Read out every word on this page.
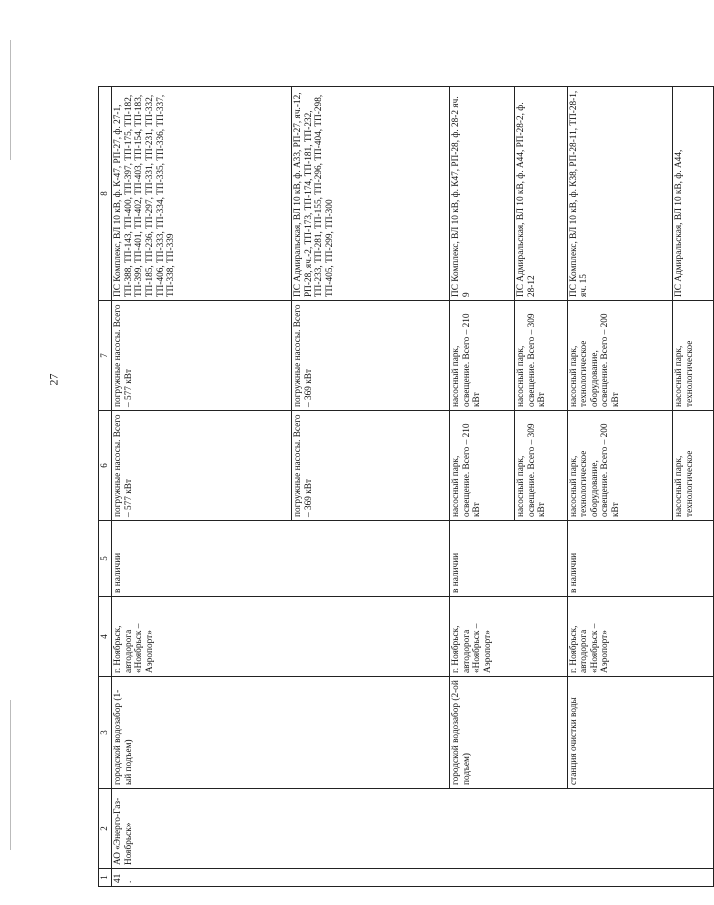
27
1	2	3	4	5	6	7	8
41.	АО «Энерго-Газ-Ноябрьск»	городской водозабор (1-ый подъем)	г. Ноябрьск, автодорога «Ноябрьск – Аэропорт»	в наличии	погружные насосы. Всего – 577 кВт	погружные насосы. Всего – 577 кВт	ПС Комплекс, ВЛ 10 кВ, ф. К-47, РП-27, ф. 27-1, ТП-388, ТП-143, ТП-400, ТП-397, ТП-175, ТП-182, ТП-399, ТП-401, ТП-402, ТП-403, ТП-154, ТП-183, ТП-185, ТП-236, ТП-297, ТП-331, ТП-231, ТП-332, ТП-406, ТП-333, ТП-334, ТП-335, ТП-336, ТП-337, ТП-338, ТП-339
					погружные насосы. Всего – 369 кВт	погружные насосы. Всего – 369 кВт	ПС Адмиральская, ВЛ 10 кВ, ф. А33, РП-27, яч.-12, РП-28, яч.-2, ТП-173, ТП-174, ТП-181, ТП-232, ТП-233, ТП-281, ТП-155, ТП-296, ТП-404, ТП-298, ТП-405, ТП-299, ТП-300
		городской водозабор (2-ой подъем)	г. Ноябрьск, автодорога «Ноябрьск – Аэропорт»	в наличии	насосный парк, освещение. Всего – 210 кВт	насосный парк, освещение. Всего – 210 кВт	ПС Комплекс, ВЛ 10 кВ, ф. К47, РП-28, ф. 28-2 яч. 9
					насосный парк, освещение. Всего – 309 кВт	насосный парк, освещение. Всего – 309 кВт	ПС Адмиральская, ВЛ 10 кВ, ф. А44, РП-28-2, ф. 28-12
		станция очистки воды	г. Ноябрьск, автодорога «Ноябрьск – Аэропорт»	в наличии	насосный парк, технологическое оборудование, освещение. Всего – 200 кВт	насосный парк, технологическое оборудование, освещение. Всего – 200 кВт	ПС Комплекс, ВЛ 10 кВ, ф. К38, РП-28-11, ТП-28-1, яч. 15
					насосный парк, технологическое	насосный парк, технологическое	ПС Адмиральская, ВЛ 10 кВ, ф. А44,
